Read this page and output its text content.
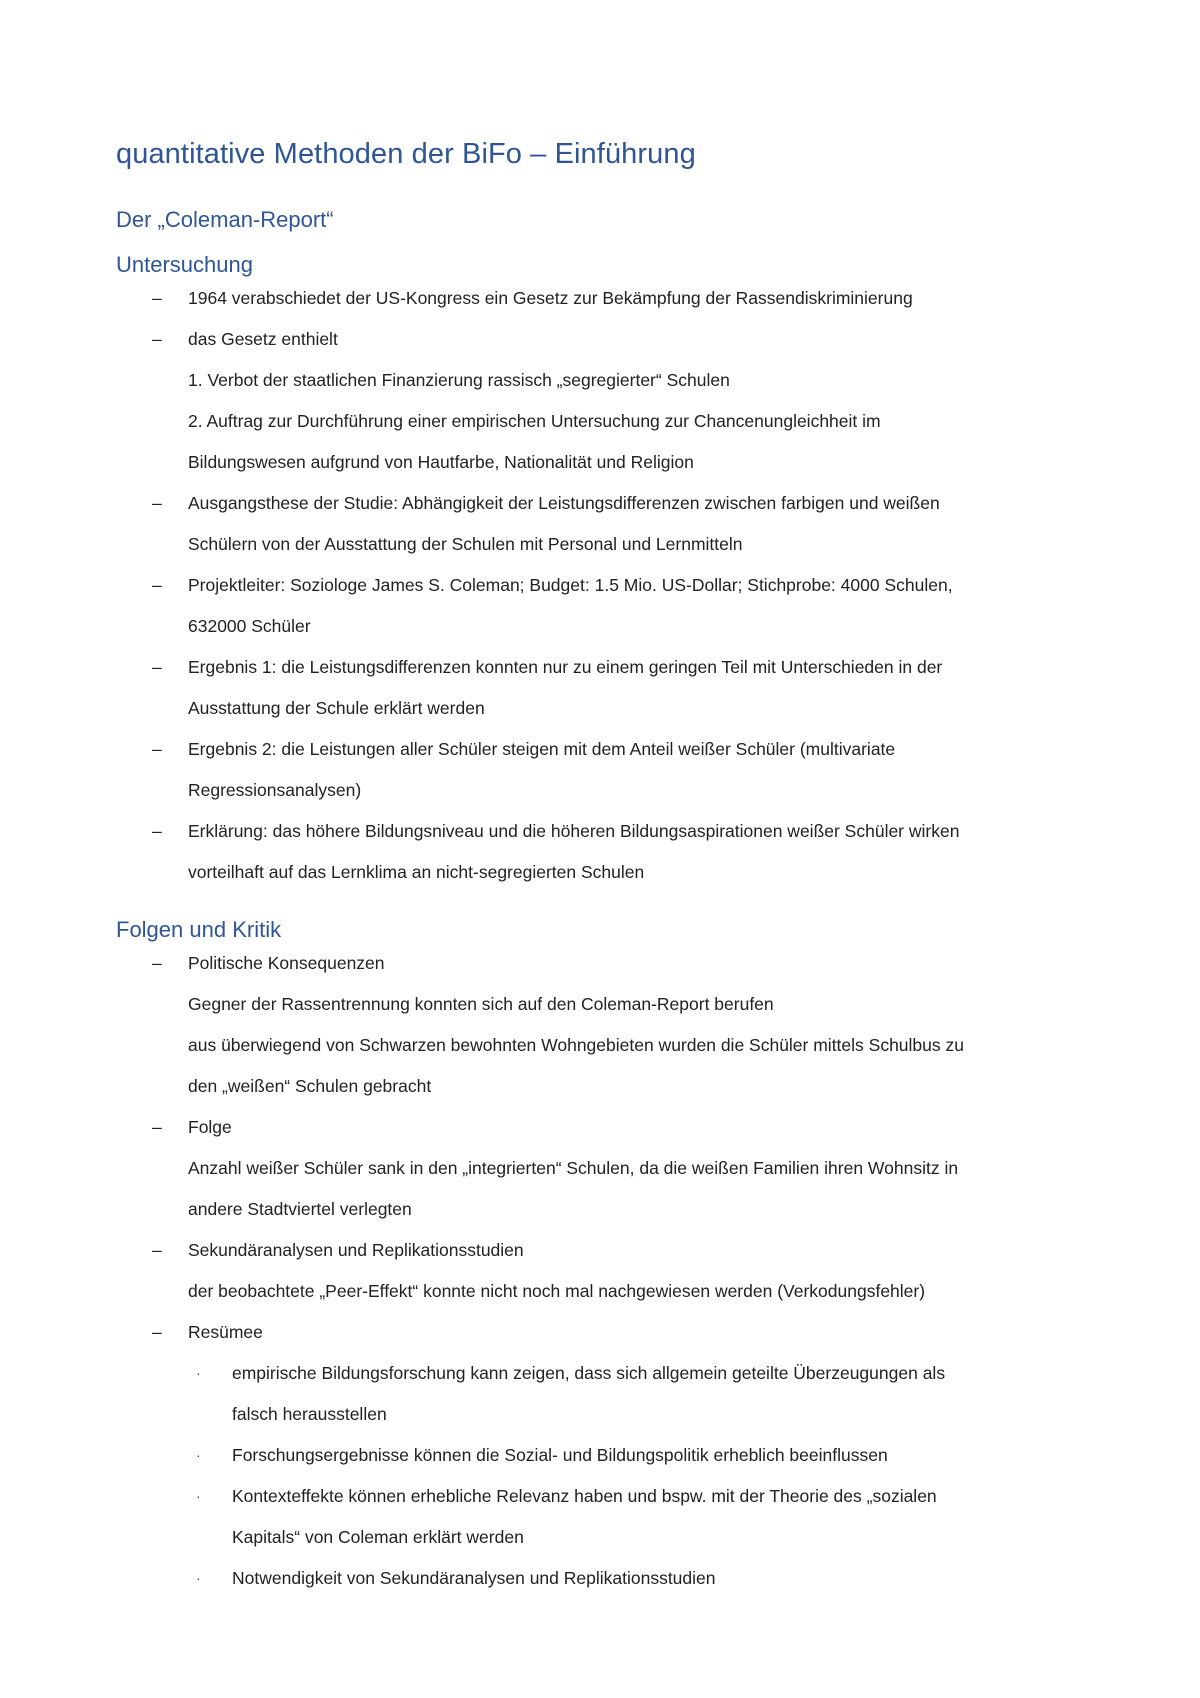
quantitative Methoden der BiFo – Einführung
Der „Coleman-Report“
Untersuchung
– 1964 verabschiedet der US-Kongress ein Gesetz zur Bekämpfung der Rassendiskriminierung
– das Gesetz enthielt
1. Verbot der staatlichen Finanzierung rassisch „segregierter“ Schulen
2. Auftrag zur Durchführung einer empirischen Untersuchung zur Chancenungleichheit im
Bildungswesen aufgrund von Hautfarbe, Nationalität und Religion
– Ausgangsthese der Studie: Abhängigkeit der Leistungsdifferenzen zwischen farbigen und weißen
Schülern von der Ausstattung der Schulen mit Personal und Lernmitteln
– Projektleiter: Soziologe James S. Coleman; Budget: 1.5 Mio. US-Dollar; Stichprobe: 4000 Schulen,
632000 Schüler
– Ergebnis 1: die Leistungsdifferenzen konnten nur zu einem geringen Teil mit Unterschieden in der
Ausstattung der Schule erklärt werden
– Ergebnis 2: die Leistungen aller Schüler steigen mit dem Anteil weißer Schüler (multivariate
Regressionsanalysen)
– Erklärung: das höhere Bildungsniveau und die höheren Bildungsaspirationen weißer Schüler wirken
vorteilhaft auf das Lernklima an nicht-segregierten Schulen
Folgen und Kritik
– Politische Konsequenzen
Gegner der Rassentrennung konnten sich auf den Coleman-Report berufen
aus überwiegend von Schwarzen bewohnten Wohngebieten wurden die Schüler mittels Schulbus zu
den „weißen“ Schulen gebracht
– Folge
Anzahl weißer Schüler sank in den „integrierten“ Schulen, da die weißen Familien ihren Wohnsitz in
andere Stadtviertel verlegten
– Sekundäranalysen und Replikationsstudien
der beobachtete „Peer-Effekt“ konnte nicht noch mal nachgewiesen werden (Verkodungsfehler)
– Resümee
· empirische Bildungsforschung kann zeigen, dass sich allgemein geteilte Überzeugungen als
falsch herausstellen
· Forschungsergebnisse können die Sozial- und Bildungspolitik erheblich beeinflussen
· Kontexteffekte können erhebliche Relevanz haben und bspw. mit der Theorie des „sozialen
Kapitals“ von Coleman erklärt werden
· Notwendigkeit von Sekundäranalysen und Replikationsstudien
